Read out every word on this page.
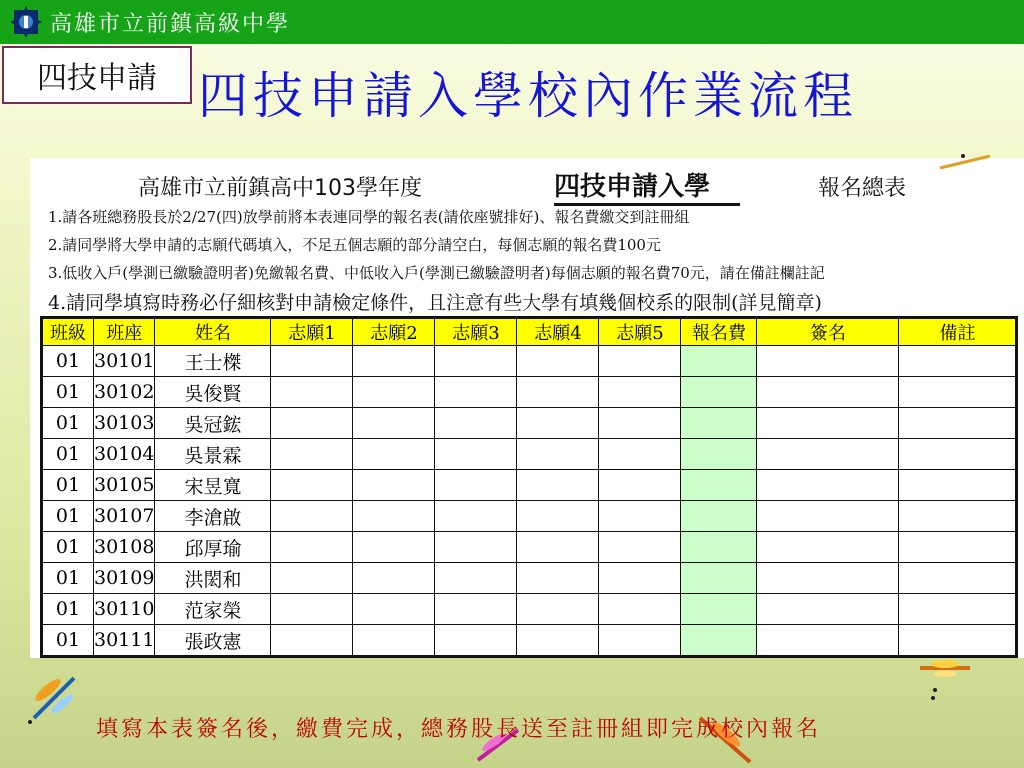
高雄市立前鎮高級中學
四技申請 四技申請入學校內作業流程
高雄市立前鎮高中103學年度	四技申請入學	報名總表
1.請各班總務股長於2/27(四)放學前將本表連同學的報名表(請依座號排好)、報名費繳交到註冊組
2.請同學將大學申請的志願代碼填入，不足五個志願的部分請空白，每個志願的報名費100元
3.低收入戶(學測已繳驗證明者)免繳報名費、中低收入戶(學測已繳驗證明者)每個志願的報名費70元，請在備註欄註記
4.請同學填寫時務必仔細核對申請檢定條件，且注意有些大學有填幾個校系的限制(詳見簡章)
班級	班座	姓名	志願1	志願2	志願3	志願4	志願5	報名費	簽名	備註
01	30101	王士榤								
01	30102	吳俊賢								
01	30103	吳冠鋐								
01	30104	吳景霖								
01	30105	宋昱寬								
01	30107	李滄啟								
01	30108	邱厚瑜								
01	30109	洪閎和								
01	30110	范家榮								
01	30111	張政憲								
填寫本表簽名後，繳費完成，總務股長送至註冊組即完成校內報名
